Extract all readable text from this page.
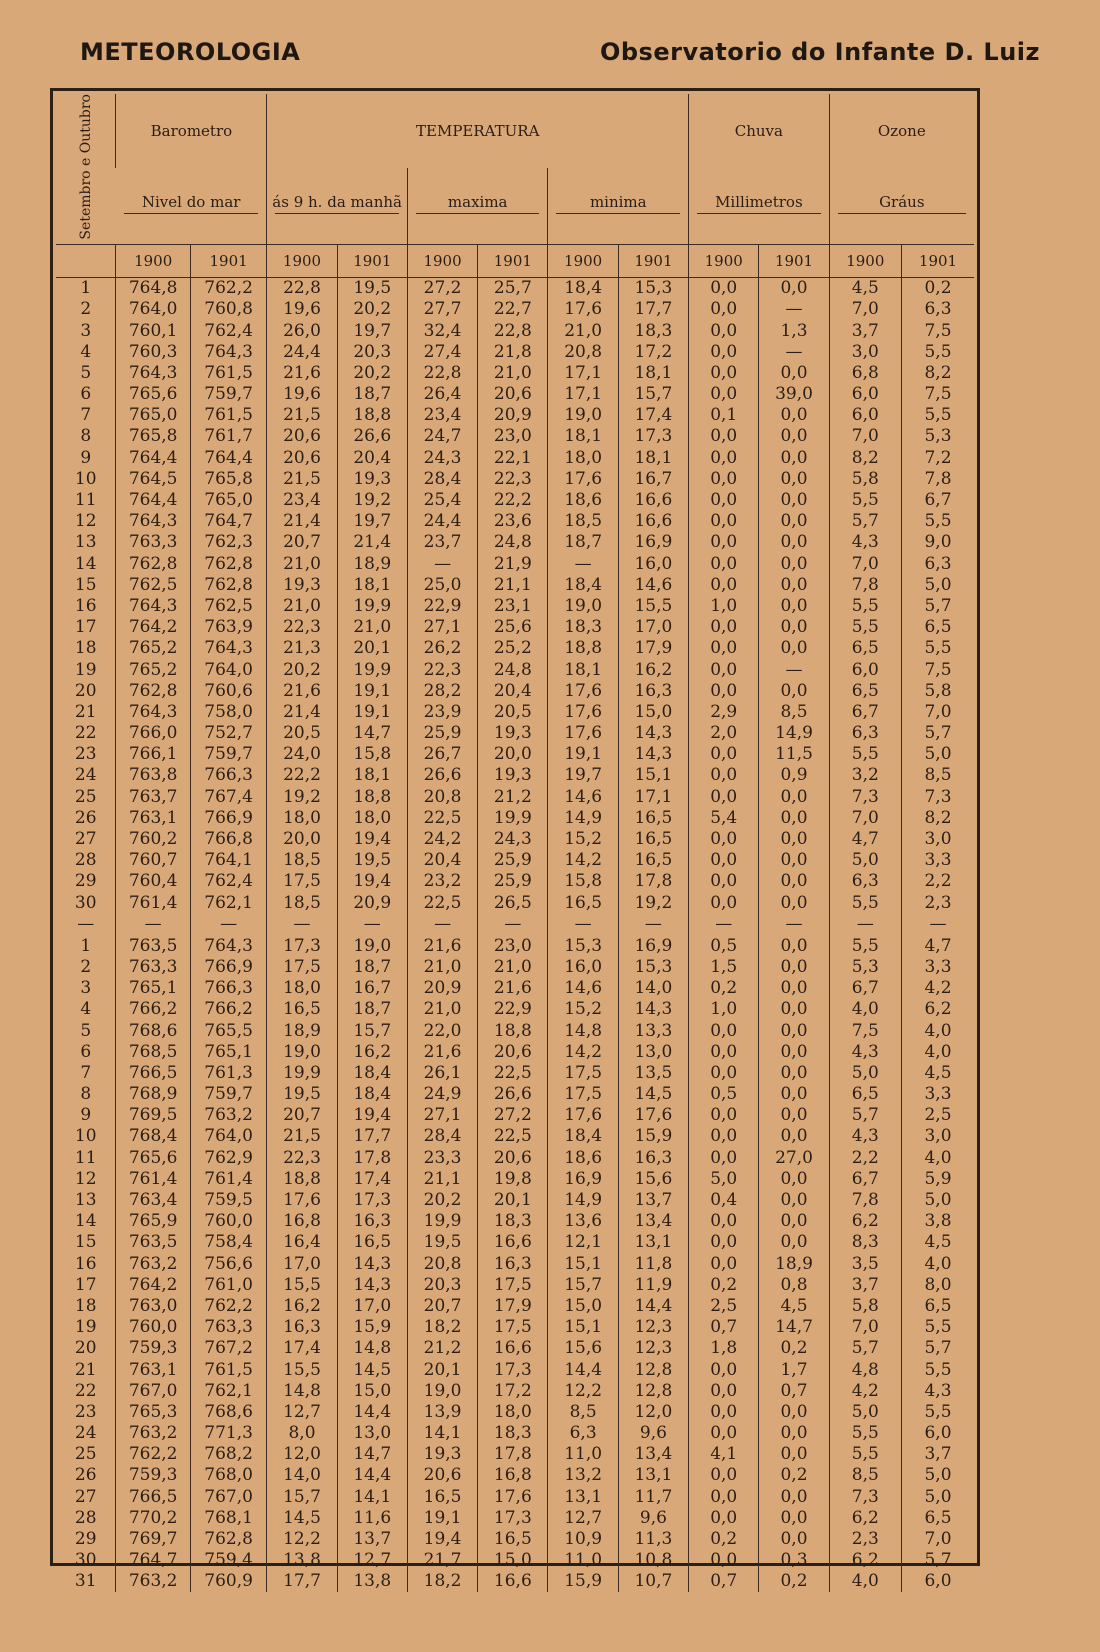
METEOROLOGIA	Observatorio do Infante D. Luiz
Setembro e Outubro	Barometro		TEMPERATURA						Chuva		Ozone	
	Nivel do mar		ás 9 h. da manhã		maxima		minima		Millimetros		Gráus	

	1900	1901	1900	1901	1900	1901	1900	1901	1900	1901	1900	1901
1	764,8	762,2	22,8	19,5	27,2	25,7	18,4	15,3	0,0	0,0	4,5	0,2
2	764,0	760,8	19,6	20,2	27,7	22,7	17,6	17,7	0,0	—	7,0	6,3
3	760,1	762,4	26,0	19,7	32,4	22,8	21,0	18,3	0,0	1,3	3,7	7,5
4	760,3	764,3	24,4	20,3	27,4	21,8	20,8	17,2	0,0	—	3,0	5,5
5	764,3	761,5	21,6	20,2	22,8	21,0	17,1	18,1	0,0	0,0	6,8	8,2
6	765,6	759,7	19,6	18,7	26,4	20,6	17,1	15,7	0,0	39,0	6,0	7,5
7	765,0	761,5	21,5	18,8	23,4	20,9	19,0	17,4	0,1	0,0	6,0	5,5
8	765,8	761,7	20,6	26,6	24,7	23,0	18,1	17,3	0,0	0,0	7,0	5,3
9	764,4	764,4	20,6	20,4	24,3	22,1	18,0	18,1	0,0	0,0	8,2	7,2
10	764,5	765,8	21,5	19,3	28,4	22,3	17,6	16,7	0,0	0,0	5,8	7,8
11	764,4	765,0	23,4	19,2	25,4	22,2	18,6	16,6	0,0	0,0	5,5	6,7
12	764,3	764,7	21,4	19,7	24,4	23,6	18,5	16,6	0,0	0,0	5,7	5,5
13	763,3	762,3	20,7	21,4	23,7	24,8	18,7	16,9	0,0	0,0	4,3	9,0
14	762,8	762,8	21,0	18,9	—	21,9	—	16,0	0,0	0,0	7,0	6,3
15	762,5	762,8	19,3	18,1	25,0	21,1	18,4	14,6	0,0	0,0	7,8	5,0
16	764,3	762,5	21,0	19,9	22,9	23,1	19,0	15,5	1,0	0,0	5,5	5,7
17	764,2	763,9	22,3	21,0	27,1	25,6	18,3	17,0	0,0	0,0	5,5	6,5
18	765,2	764,3	21,3	20,1	26,2	25,2	18,8	17,9	0,0	0,0	6,5	5,5
19	765,2	764,0	20,2	19,9	22,3	24,8	18,1	16,2	0,0	—	6,0	7,5
20	762,8	760,6	21,6	19,1	28,2	20,4	17,6	16,3	0,0	0,0	6,5	5,8
21	764,3	758,0	21,4	19,1	23,9	20,5	17,6	15,0	2,9	8,5	6,7	7,0
22	766,0	752,7	20,5	14,7	25,9	19,3	17,6	14,3	2,0	14,9	6,3	5,7
23	766,1	759,7	24,0	15,8	26,7	20,0	19,1	14,3	0,0	11,5	5,5	5,0
24	763,8	766,3	22,2	18,1	26,6	19,3	19,7	15,1	0,0	0,9	3,2	8,5
25	763,7	767,4	19,2	18,8	20,8	21,2	14,6	17,1	0,0	0,0	7,3	7,3
26	763,1	766,9	18,0	18,0	22,5	19,9	14,9	16,5	5,4	0,0	7,0	8,2
27	760,2	766,8	20,0	19,4	24,2	24,3	15,2	16,5	0,0	0,0	4,7	3,0
28	760,7	764,1	18,5	19,5	20,4	25,9	14,2	16,5	0,0	0,0	5,0	3,3
29	760,4	762,4	17,5	19,4	23,2	25,9	15,8	17,8	0,0	0,0	6,3	2,2
30	761,4	762,1	18,5	20,9	22,5	26,5	16,5	19,2	0,0	0,0	5,5	2,3
—	—	—	—	—	—	—	—	—	—	—	—	—
1	763,5	764,3	17,3	19,0	21,6	23,0	15,3	16,9	0,5	0,0	5,5	4,7
2	763,3	766,9	17,5	18,7	21,0	21,0	16,0	15,3	1,5	0,0	5,3	3,3
3	765,1	766,3	18,0	16,7	20,9	21,6	14,6	14,0	0,2	0,0	6,7	4,2
4	766,2	766,2	16,5	18,7	21,0	22,9	15,2	14,3	1,0	0,0	4,0	6,2
5	768,6	765,5	18,9	15,7	22,0	18,8	14,8	13,3	0,0	0,0	7,5	4,0
6	768,5	765,1	19,0	16,2	21,6	20,6	14,2	13,0	0,0	0,0	4,3	4,0
7	766,5	761,3	19,9	18,4	26,1	22,5	17,5	13,5	0,0	0,0	5,0	4,5
8	768,9	759,7	19,5	18,4	24,9	26,6	17,5	14,5	0,5	0,0	6,5	3,3
9	769,5	763,2	20,7	19,4	27,1	27,2	17,6	17,6	0,0	0,0	5,7	2,5
10	768,4	764,0	21,5	17,7	28,4	22,5	18,4	15,9	0,0	0,0	4,3	3,0
11	765,6	762,9	22,3	17,8	23,3	20,6	18,6	16,3	0,0	27,0	2,2	4,0
12	761,4	761,4	18,8	17,4	21,1	19,8	16,9	15,6	5,0	0,0	6,7	5,9
13	763,4	759,5	17,6	17,3	20,2	20,1	14,9	13,7	0,4	0,0	7,8	5,0
14	765,9	760,0	16,8	16,3	19,9	18,3	13,6	13,4	0,0	0,0	6,2	3,8
15	763,5	758,4	16,4	16,5	19,5	16,6	12,1	13,1	0,0	0,0	8,3	4,5
16	763,2	756,6	17,0	14,3	20,8	16,3	15,1	11,8	0,0	18,9	3,5	4,0
17	764,2	761,0	15,5	14,3	20,3	17,5	15,7	11,9	0,2	0,8	3,7	8,0
18	763,0	762,2	16,2	17,0	20,7	17,9	15,0	14,4	2,5	4,5	5,8	6,5
19	760,0	763,3	16,3	15,9	18,2	17,5	15,1	12,3	0,7	14,7	7,0	5,5
20	759,3	767,2	17,4	14,8	21,2	16,6	15,6	12,3	1,8	0,2	5,7	5,7
21	763,1	761,5	15,5	14,5	20,1	17,3	14,4	12,8	0,0	1,7	4,8	5,5
22	767,0	762,1	14,8	15,0	19,0	17,2	12,2	12,8	0,0	0,7	4,2	4,3
23	765,3	768,6	12,7	14,4	13,9	18,0	8,5	12,0	0,0	0,0	5,0	5,5
24	763,2	771,3	8,0	13,0	14,1	18,3	6,3	9,6	0,0	0,0	5,5	6,0
25	762,2	768,2	12,0	14,7	19,3	17,8	11,0	13,4	4,1	0,0	5,5	3,7
26	759,3	768,0	14,0	14,4	20,6	16,8	13,2	13,1	0,0	0,2	8,5	5,0
27	766,5	767,0	15,7	14,1	16,5	17,6	13,1	11,7	0,0	0,0	7,3	5,0
28	770,2	768,1	14,5	11,6	19,1	17,3	12,7	9,6	0,0	0,0	6,2	6,5
29	769,7	762,8	12,2	13,7	19,4	16,5	10,9	11,3	0,2	0,0	2,3	7,0
30	764,7	759,4	13,8	12,7	21,7	15,0	11,0	10,8	0,0	0,3	6,2	5,7
31	763,2	760,9	17,7	13,8	18,2	16,6	15,9	10,7	0,7	0,2	4,0	6,0
